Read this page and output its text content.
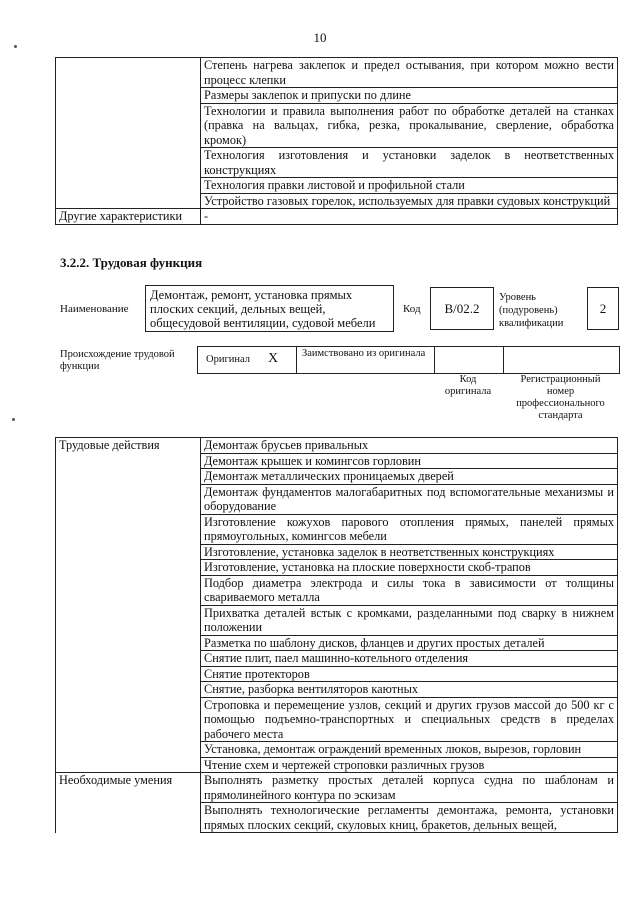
10
	Степень нагрева заклепок и предел остывания, при котором можно вести процесс клепки
	Размеры заклепок и припуски по длине
	Технологии и правила выполнения работ по обработке деталей на станках (правка на вальцах, гибка, резка, прокалывание, сверление, обработка кромок)
	Технология изготовления и установки заделок в неответственных конструкциях
	Технология правки листовой и профильной стали
	Устройство газовых горелок, используемых для правки судовых конструкций
Другие характеристики	-
3.2.2. Трудовая функция
Наименование
Демонтаж, ремонт, установка прямых плоских секций, дельных вещей, общесудовой вентиляции, судовой мебели
Код B/02.2
Уровень (подуровень) квалификации
2
Происхождение трудовой функции
Оригинал X Заимствовано из оригинала
Код оригинала
Регистрационный номер профессионального стандарта
Трудовые действия	Демонтаж брусьев привальных
	Демонтаж крышек и комингсов горловин
	Демонтаж металлических проницаемых дверей
	Демонтаж фундаментов малогабаритных под вспомогательные механизмы и оборудование
	Изготовление кожухов парового отопления прямых, панелей прямых прямоугольных, комингсов мебели
	Изготовление, установка заделок в неответственных конструкциях
	Изготовление, установка на плоские поверхности скоб-трапов
	Подбор диаметра электрода и силы тока в зависимости от толщины свариваемого металла
	Прихватка деталей встык с кромками, разделанными под сварку в нижнем положении
	Разметка по шаблону дисков, фланцев и других простых деталей
	Снятие плит, паел машинно-котельного отделения
	Снятие протекторов
	Снятие, разборка вентиляторов каютных
	Строповка и перемещение узлов, секций и других грузов массой до 500 кг с помощью подъемно-транспортных и специальных средств в пределах рабочего места
	Установка, демонтаж ограждений временных люков, вырезов, горловин
	Чтение схем и чертежей строповки различных грузов
Необходимые умения	Выполнять разметку простых деталей корпуса судна по шаблонам и прямолинейного контура по эскизам
	Выполнять технологические регламенты демонтажа, ремонта, установки прямых плоских секций, скуловых книц, бракетов, дельных вещей,
